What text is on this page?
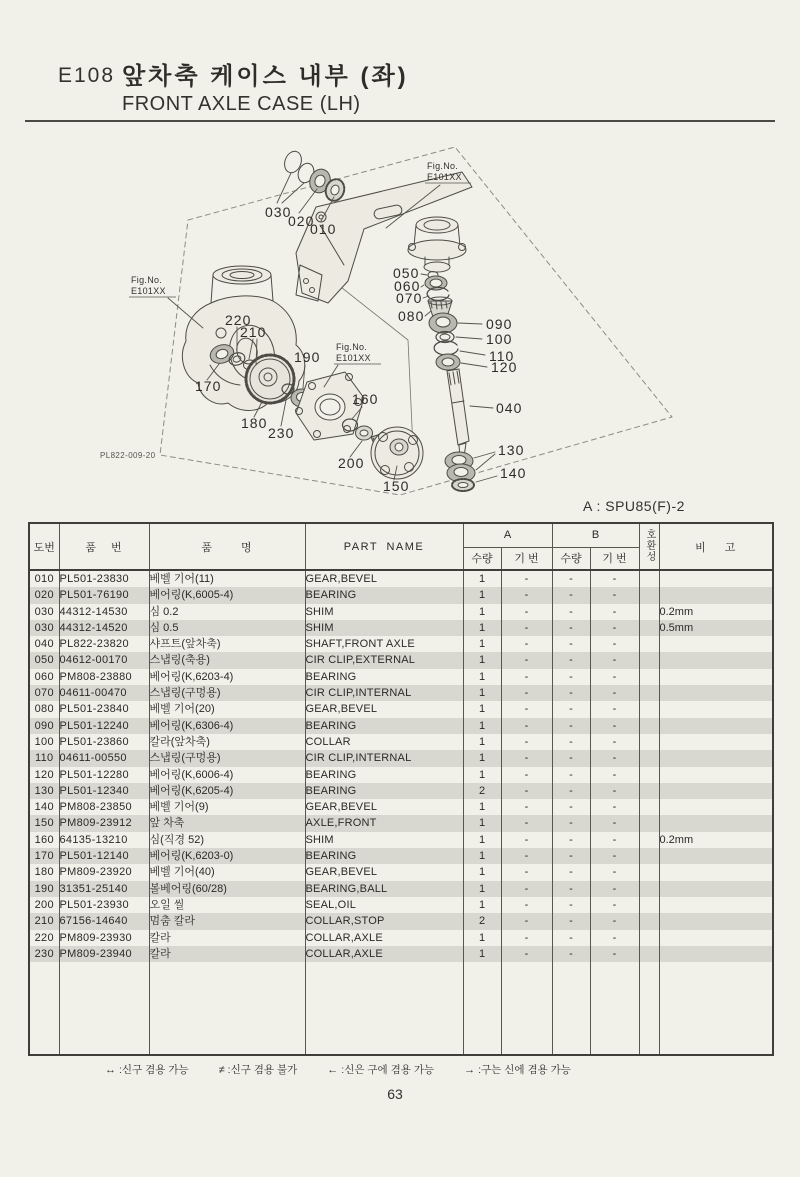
E108 앞차축 케이스 내부 (좌)
FRONT AXLE CASE (LH)
030
020
010
050
060
070
080	090
100
110
120
040
130
140
150
200
160
170
180
230
190
220
210
Fig.No.
E101XX
Fig.No.
E101XX
Fig.No.
E101XX
PL822-009-20
A : SPU85(F)-2
도번	품 번	품 명	PART NAME	A		B		호환성	비 고
				수량	기 번	수량	기 번		
010	PL501-23830	베벨 기어(11)	GEAR,BEVEL	1	-	-	-		
020	PL501-76190	베어링(K,6005-4)	BEARING	1	-	-	-		
030	44312-14530	심 0.2	SHIM	1	-	-	-		0.2mm
030	44312-14520	심 0.5	SHIM	1	-	-	-		0.5mm
040	PL822-23820	샤프트(앞차축)	SHAFT,FRONT AXLE	1	-	-	-		
050	04612-00170	스냅링(축용)	CIR CLIP,EXTERNAL	1	-	-	-		
060	PM808-23880	베어링(K,6203-4)	BEARING	1	-	-	-		
070	04611-00470	스냅링(구멍용)	CIR CLIP,INTERNAL	1	-	-	-		
080	PL501-23840	베벨 기어(20)	GEAR,BEVEL	1	-	-	-		
090	PL501-12240	베어링(K,6306-4)	BEARING	1	-	-	-		
100	PL501-23860	칼라(앞차축)	COLLAR	1	-	-	-		
110	04611-00550	스냅링(구멍용)	CIR CLIP,INTERNAL	1	-	-	-		
120	PL501-12280	베어링(K,6006-4)	BEARING	1	-	-	-		
130	PL501-12340	베어링(K,6205-4)	BEARING	2	-	-	-		
140	PM808-23850	베벨 기어(9)	GEAR,BEVEL	1	-	-	-		
150	PM809-23912	앞 차축	AXLE,FRONT	1	-	-	-		
160	64135-13210	심(직경 52)	SHIM	1	-	-	-		0.2mm
170	PL501-12140	베어링(K,6203-0)	BEARING	1	-	-	-		
180	PM809-23920	베벨 기어(40)	GEAR,BEVEL	1	-	-	-		
190	31351-25140	볼베어링(60/28)	BEARING,BALL	1	-	-	-		
200	PL501-23930	오일 씰	SEAL,OIL	1	-	-	-		
210	67156-14640	멈춤 칼라	COLLAR,STOP	2	-	-	-		
220	PM809-23930	칼라	COLLAR,AXLE	1	-	-	-		
230	PM809-23940	칼라	COLLAR,AXLE	1	-	-	-		

↔ :신구 겸용 가능	≠ :신구 겸용 불가	← :신은 구에 겸용 가능	→ :구는 신에 겸용 가능
63
